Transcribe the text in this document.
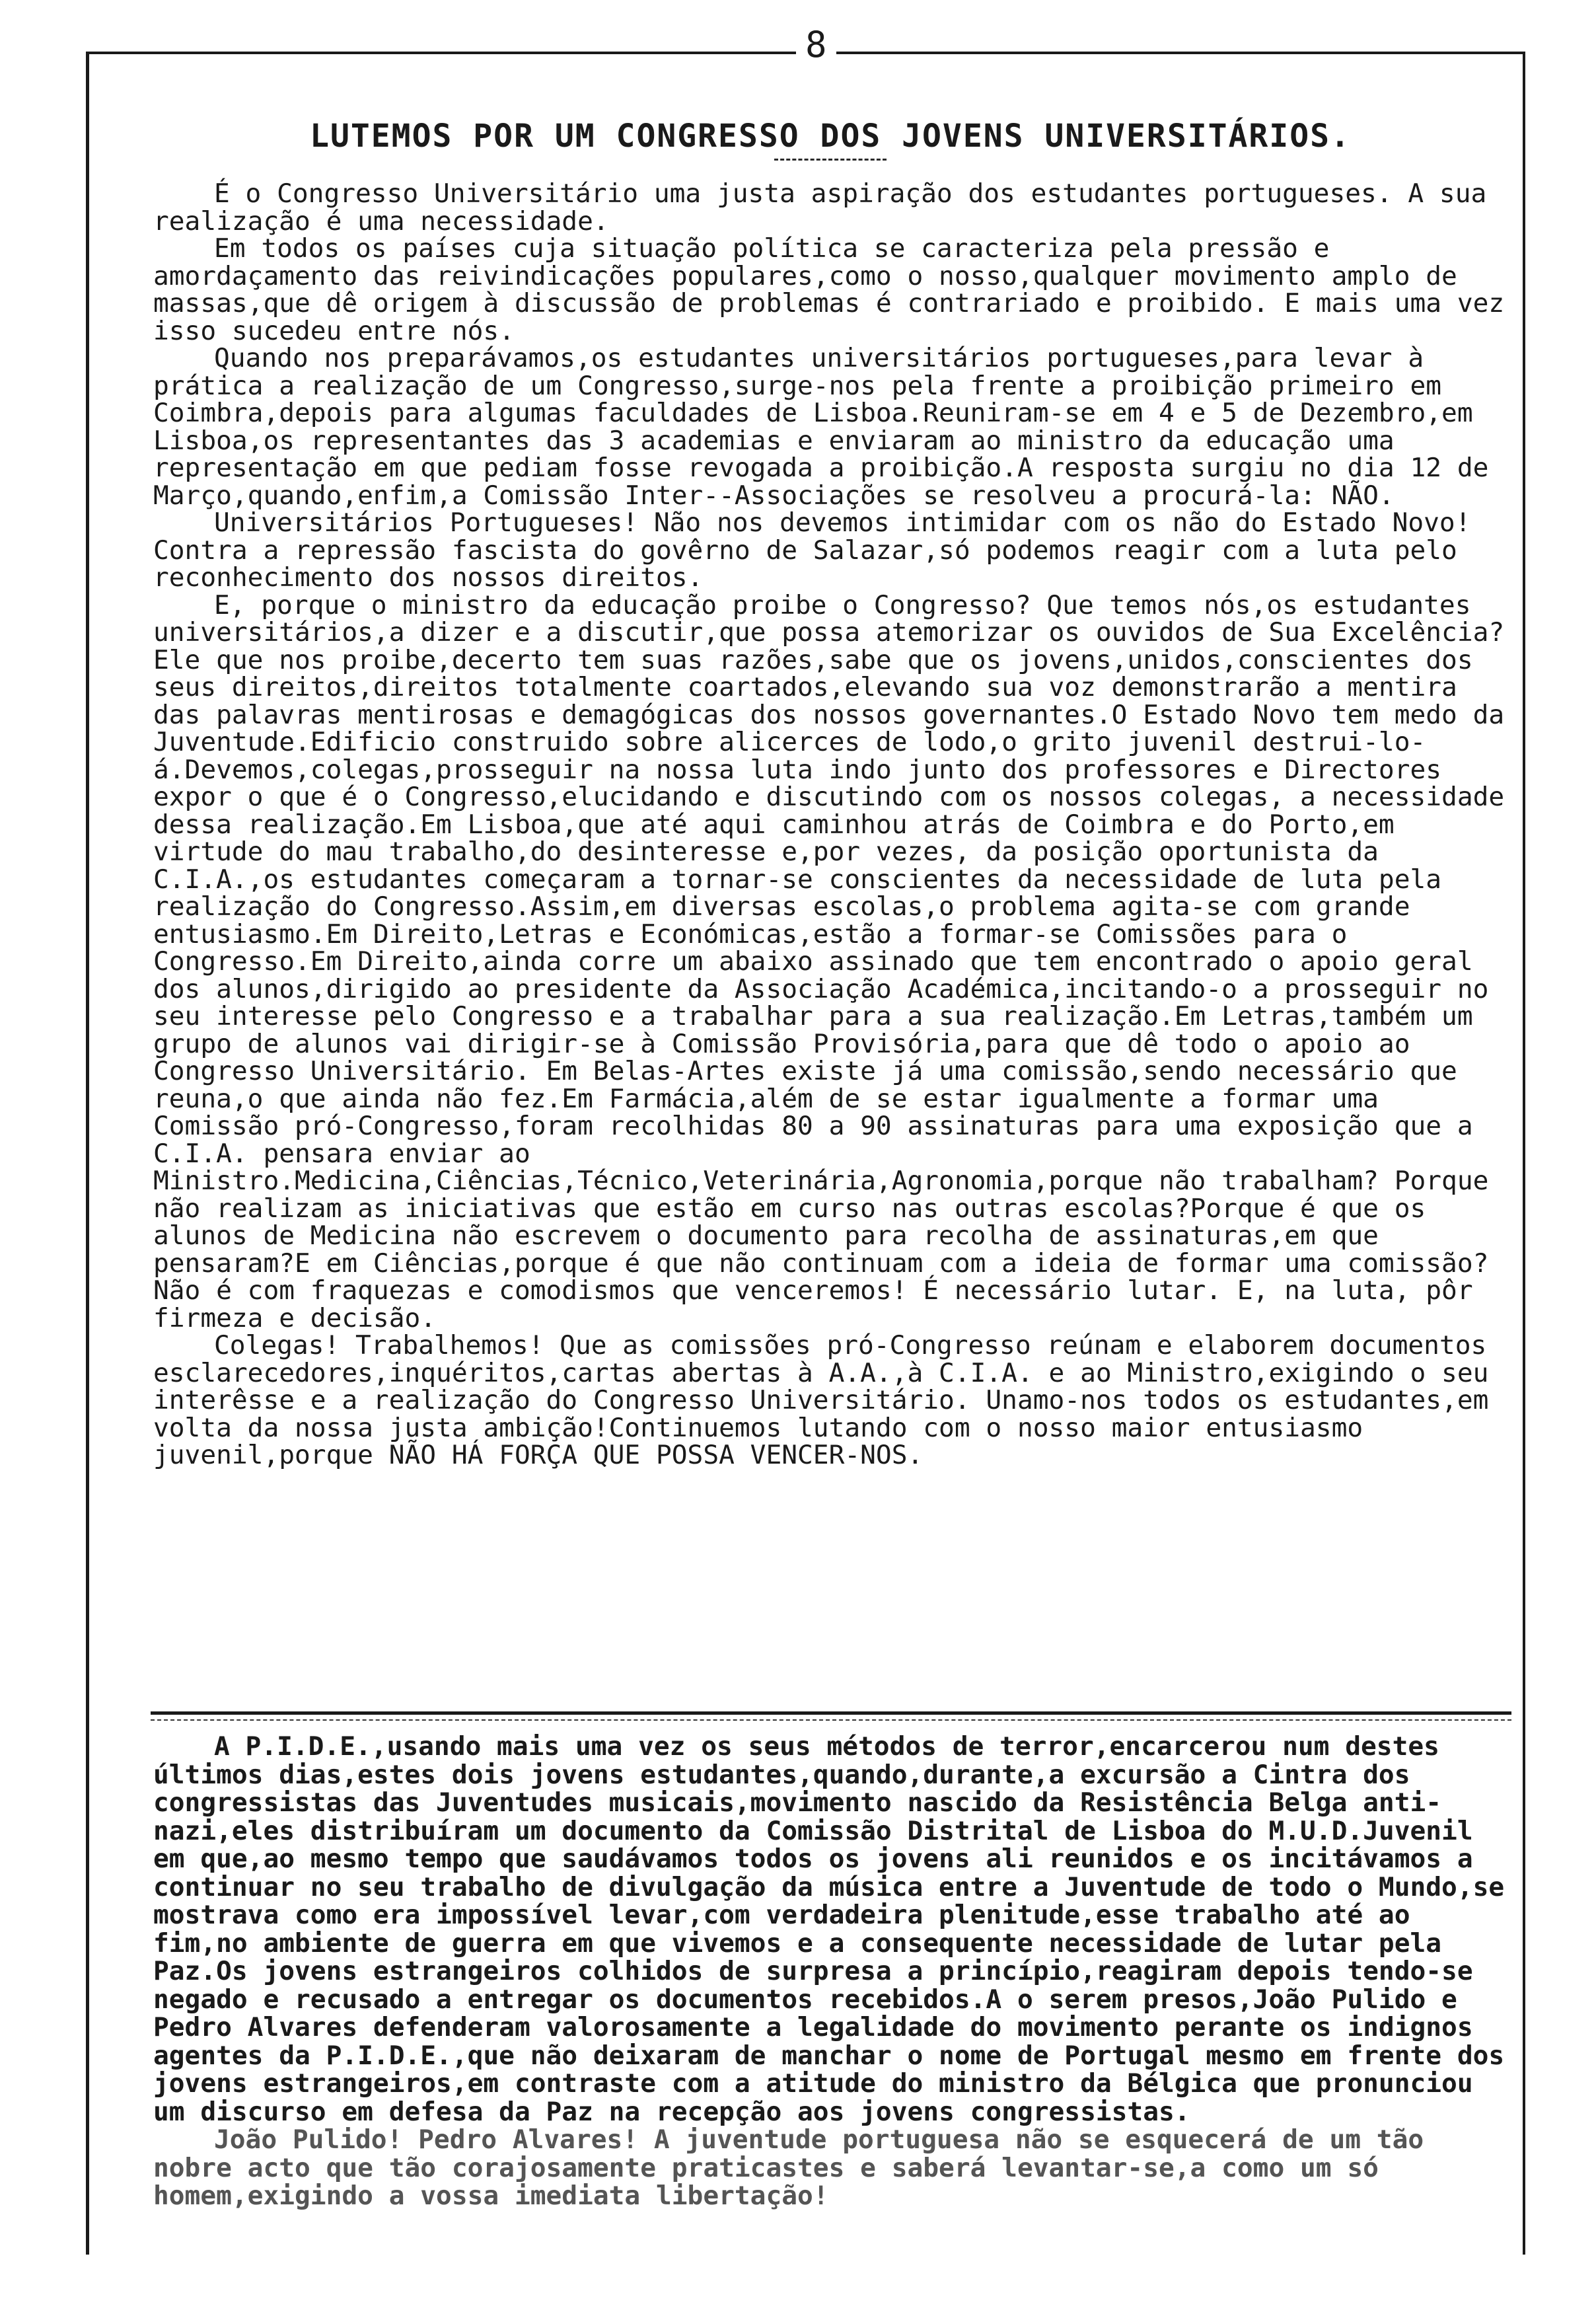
8
LUTEMOS POR UM CONGRESSO DOS JOVENS UNIVERSITÁRIOS.

É o Congresso Universitário uma justa aspiração dos estudantes portugueses. A sua realização é uma necessidade.

Em todos os países cuja situação política se caracteriza pela pressão e amordaçamento das reivindicações populares,como o nosso,qualquer movimento amplo de massas,que dê origem à discussão de problemas é contrariado e proibido. E mais uma vez isso sucedeu entre nós.

Quando nos preparávamos,os estudantes universitários portugueses,para levar à prática a realização de um Congresso,surge-nos pela frente a proibição primeiro em Coimbra,depois para algumas faculdades de Lisboa.Reuniram-se em 4 e 5 de Dezembro,em Lisboa,os representantes das 3 academias e enviaram ao ministro da educação uma representação em que pediam fosse revogada a proibição.A resposta surgiu no dia 12 de Março,quando,enfim,a Comissão Inter--Associações se resolveu a procurá-la: NÃO.

Universitários Portugueses! Não nos devemos intimidar com os não do Estado Novo! Contra a repressão fascista do govêrno de Salazar,só podemos reagir com a luta pelo reconhecimento dos nossos direitos.

E, porque o ministro da educação proibe o Congresso? Que temos nós,os estudantes universitários,a dizer e a discutir,que possa atemorizar os ouvidos de Sua Excelência?Ele que nos proibe,decerto tem suas razões,sabe que os jovens,unidos,conscientes dos seus direitos,direitos totalmente coartados,elevando sua voz demonstrarão a mentira das palavras mentirosas e demagógicas dos nossos governantes.O Estado Novo tem medo da Juventude.Edificio construido sobre alicerces de lodo,o grito juvenil destrui-lo-á.Devemos,colegas,prosseguir na nossa luta indo junto dos professores e Directores expor o que é o Congresso,elucidando e discutindo com os nossos colegas, a necessidade dessa realização.Em Lisboa,que até aqui caminhou atrás de Coimbra e do Porto,em virtude do mau trabalho,do desinteresse e,por vezes, da posição oportunista da C.I.A.,os estudantes começaram a tornar-se conscientes da necessidade de luta pela realização do Congresso.Assim,em diversas escolas,o problema agita-se com grande entusiasmo.Em Direito,Letras e Económicas,estão a formar-se Comissões para o Congresso.Em Direito,ainda corre um abaixo assinado que tem encontrado o apoio geral dos alunos,dirigido ao presidente da Associação Académica,incitando-o a prosseguir no seu interesse pelo Congresso e a trabalhar para a sua realização.Em Letras,também um grupo de alunos vai dirigir-se à Comissão Provisória,para que dê todo o apoio ao Congresso Universitário. Em Belas-Artes existe já uma comissão,sendo necessário que reuna,o que ainda não fez.Em Farmácia,além de se estar igualmente a formar uma Comissão pró-Congresso,foram recolhidas 80 a 90 assinaturas para uma exposição que a C.I.A. pensara enviar ao Ministro.Medicina,Ciências,Técnico,Veterinária,Agronomia,porque não trabalham? Porque não realizam as iniciativas que estão em curso nas outras escolas?Porque é que os alunos de Medicina não escrevem o documento para recolha de assinaturas,em que pensaram?E em Ciências,porque é que não continuam com a ideia de formar uma comissão?Não é com fraquezas e comodismos que venceremos! É necessário lutar. E, na luta, pôr firmeza e decisão.

Colegas! Trabalhemos! Que as comissões pró-Congresso reúnam e elaborem documentos esclarecedores,inquéritos,cartas abertas à A.A.,à C.I.A. e ao Ministro,exigindo o seu interêsse e a realização do Congresso Universitário. Unamo-nos todos os estudantes,em volta da nossa justa ambição!Continuemos lutando com o nosso maior entusiasmo juvenil,porque NÃO HÁ FORÇA QUE POSSA VENCER-NOS.

A P.I.D.E.,usando mais uma vez os seus métodos de terror,encarcerou num destes últimos dias,estes dois jovens estudantes,quando,durante,a excursão a Cintra dos congressistas das Juventudes musicais,movimento nascido da Resistência Belga anti-nazi,eles distribuíram um documento da Comissão Distrital de Lisboa do M.U.D.Juvenil em que,ao mesmo tempo que saudávamos todos os jovens ali reunidos e os incitávamos a continuar no seu trabalho de divulgação da música entre a Juventude de todo o Mundo,se mostrava como era impossível levar,com verdadeira plenitude,esse trabalho até ao fim,no ambiente de guerra em que vivemos e a consequente necessidade de lutar pela Paz.Os jovens estrangeiros colhidos de surpresa a princípio,reagiram depois tendo-se negado e recusado a entregar os documentos recebidos.A o serem presos,João Pulido e Pedro Alvares defenderam valorosamente a legalidade do movimento perante os indignos agentes da P.I.D.E.,que não deixaram de manchar o nome de Portugal mesmo em frente dos jovens estrangeiros,em contraste com a atitude do ministro da Bélgica que pronunciou um discurso em defesa da Paz na recepção aos jovens congressistas.

João Pulido! Pedro Alvares! A juventude portuguesa não se esquecerá de um tão nobre acto que tão corajosamente praticastes e saberá levantar-se,a como um só homem,exigindo a vossa imediata libertação!
